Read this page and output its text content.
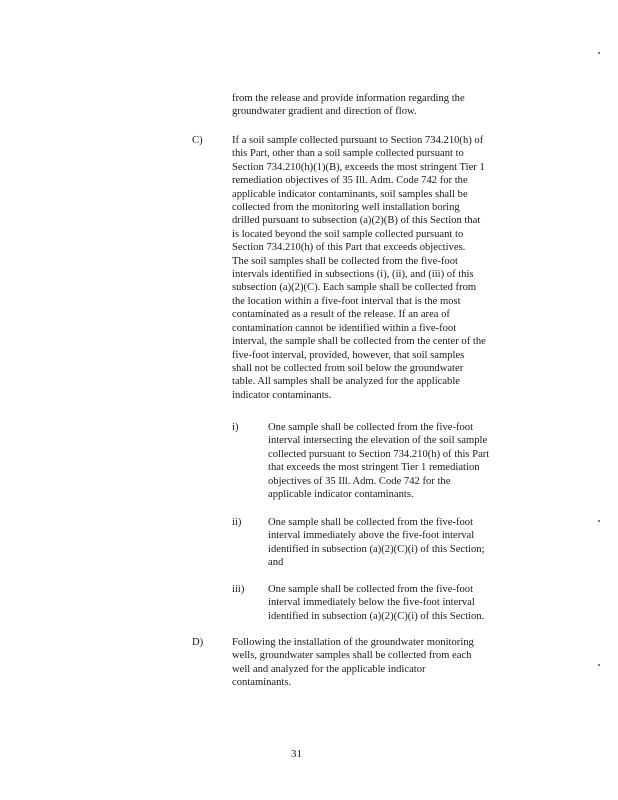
from the release and provide information regarding the
groundwater gradient and direction of flow.
C)	If a soil sample collected pursuant to Section 734.210(h) of
this Part, other than a soil sample collected pursuant to
Section 734.210(h)(1)(B), exceeds the most stringent Tier 1
remediation objectives of 35 Ill. Adm. Code 742 for the
applicable indicator contaminants, soil samples shall be
collected from the monitoring well installation boring
drilled pursuant to subsection (a)(2)(B) of this Section that
is located beyond the soil sample collected pursuant to
Section 734.210(h) of this Part that exceeds objectives.
The soil samples shall be collected from the five-foot
intervals identified in subsections (i), (ii), and (iii) of this
subsection (a)(2)(C). Each sample shall be collected from
the location within a five-foot interval that is the most
contaminated as a result of the release. If an area of
contamination cannot be identified within a five-foot
interval, the sample shall be collected from the center of the
five-foot interval, provided, however, that soil samples
shall not be collected from soil below the groundwater
table. All samples shall be analyzed for the applicable
indicator contaminants.
i)	One sample shall be collected from the five-foot
interval intersecting the elevation of the soil sample
collected pursuant to Section 734.210(h) of this Part
that exceeds the most stringent Tier 1 remediation
objectives of 35 Ill. Adm. Code 742 for the
applicable indicator contaminants.
ii)	One sample shall be collected from the five-foot
interval immediately above the five-foot interval
identified in subsection (a)(2)(C)(i) of this Section;
and
iii) One sample shall be collected from the five-foot
interval immediately below the five-foot interval
identified in subsection (a)(2)(C)(i) of this Section.
D)	Following the installation of the groundwater monitoring
wells, groundwater samples shall be collected from each
well and analyzed for the applicable indicator
contaminants.
31
